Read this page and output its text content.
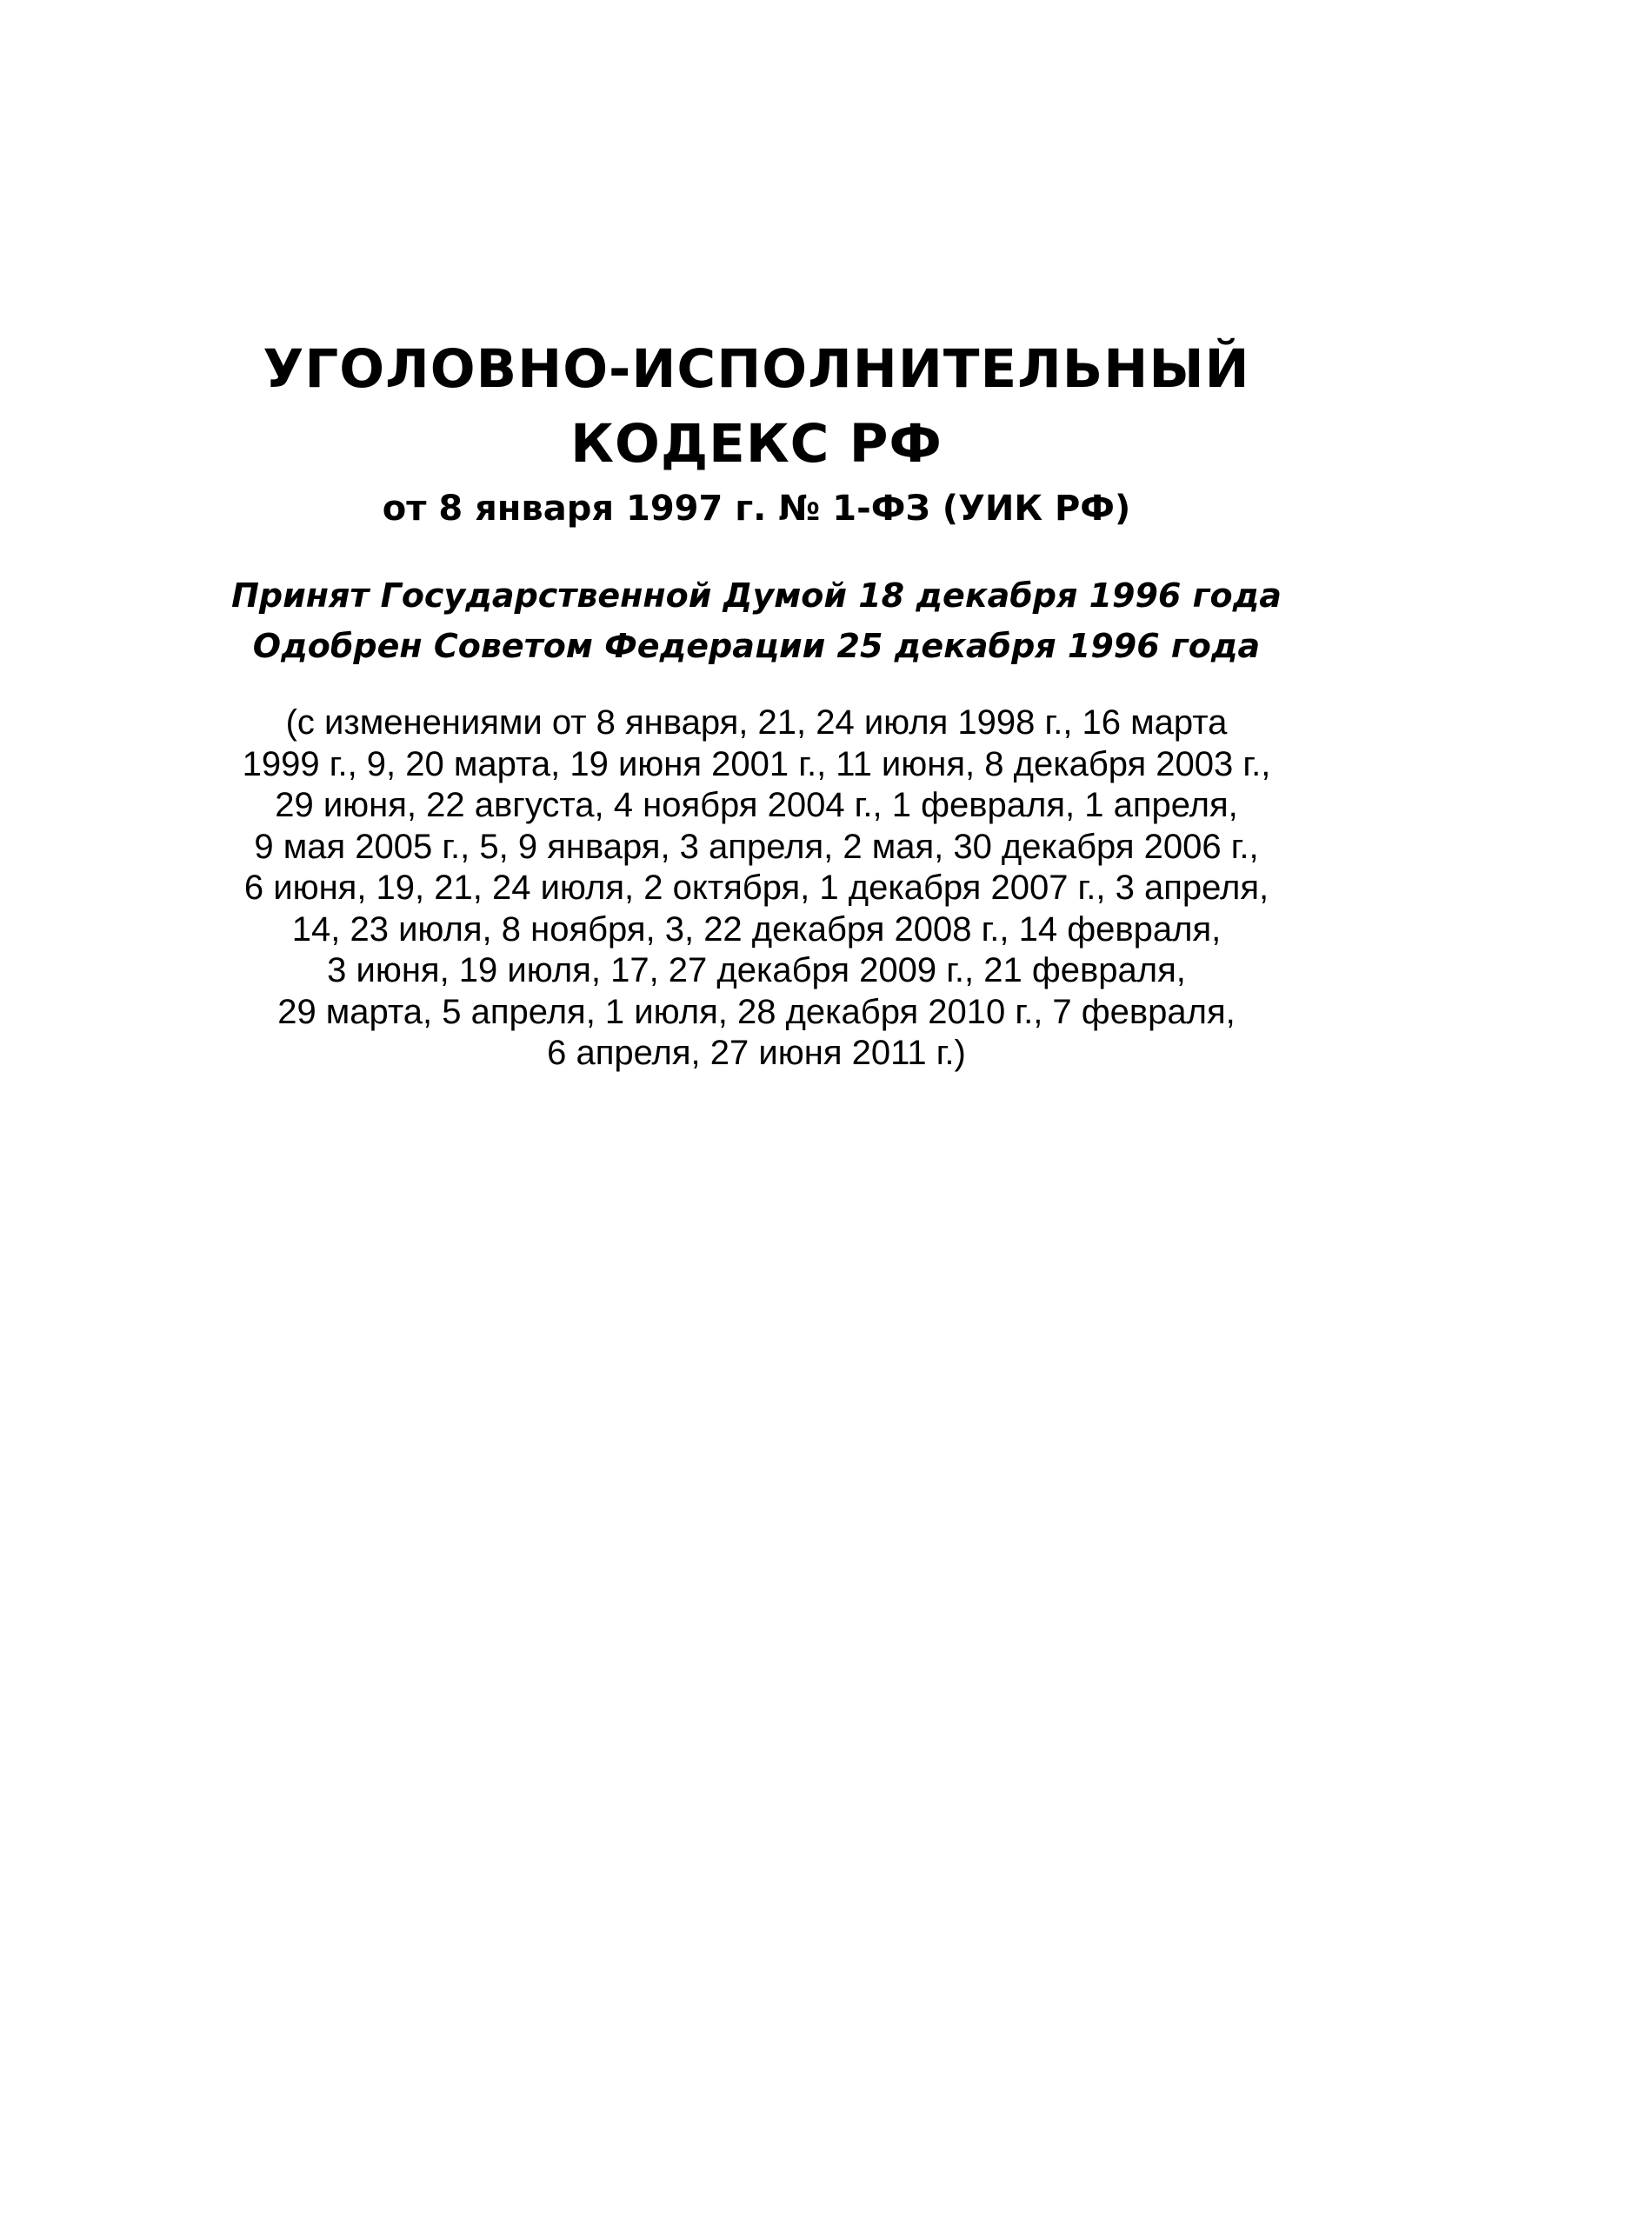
УГОЛОВНО-ИСПОЛНИТЕЛЬНЫЙ

КОДЕКС РФ

от 8 января 1997 г. № 1-ФЗ (УИК РФ)

Принят Государственной Думой 18 декабря 1996 года

Одобрен Советом Федерации 25 декабря 1996 года

(с изменениями от 8 января, 21, 24 июля 1998 г., 16 марта

1999 г., 9, 20 марта, 19 июня 2001 г., 11 июня, 8 декабря 2003 г.,

29 июня, 22 августа, 4 ноября 2004 г., 1 февраля, 1 апреля,

9 мая 2005 г., 5, 9 января, 3 апреля, 2 мая, 30 декабря 2006 г.,

6 июня, 19, 21, 24 июля, 2 октября, 1 декабря 2007 г., 3 апреля,

14, 23 июля, 8 ноября, 3, 22 декабря 2008 г., 14 февраля,

3 июня, 19 июля, 17, 27 декабря 2009 г., 21 февраля,

29 марта, 5 апреля, 1 июля, 28 декабря 2010 г., 7 февраля,

6 апреля, 27 июня 2011 г.)
